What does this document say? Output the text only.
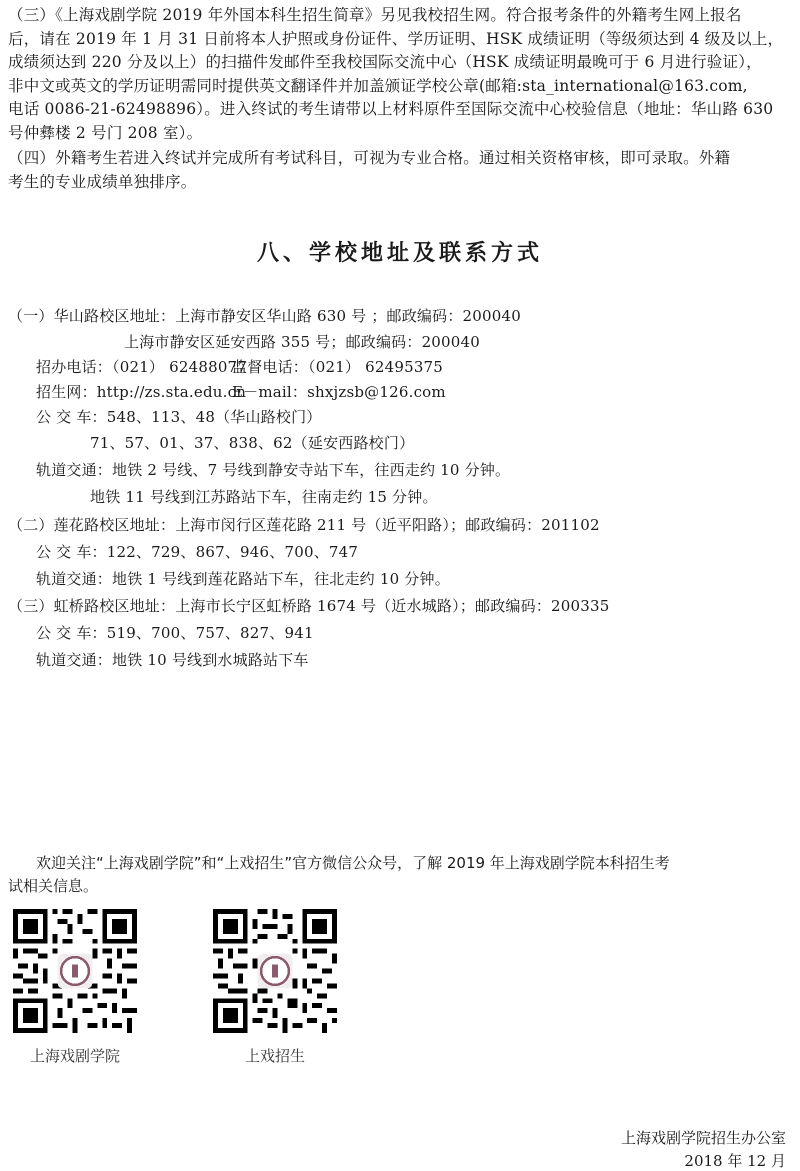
（三）《上海戏剧学院 2019 年外国本科生招生简章》另见我校招生网。符合报考条件的外籍考生网上报名
后，请在 2019 年 1 月 31 日前将本人护照或身份证件、学历证明、HSK 成绩证明（等级须达到 4 级及以上，
成绩须达到 220 分及以上）的扫描件发邮件至我校国际交流中心（HSK 成绩证明最晚可于 6 月进行验证），
非中文或英文的学历证明需同时提供英文翻译件并加盖颁证学校公章(邮箱:sta_international@163.com,
电话 0086-21-62498896）。进入终试的考生请带以上材料原件至国际交流中心校验信息（地址：华山路 630
号仲彝楼 2 号门 208 室）。
（四）外籍考生若进入终试并完成所有考试科目，可视为专业合格。通过相关资格审核，即可录取。外籍
考生的专业成绩单独排序。
八、学校地址及联系方式
（一）华山路校区地址：上海市静安区华山路 630 号 ；邮政编码：200040
上海市静安区延安西路 355 号；邮政编码：200040
招办电话：（021） 62488077
监督电话：（021） 62495375
招生网：http://zs.sta.edu.cn
E－mail：shxjzsb@126.com
公 交 车：548、113、48（华山路校门）
71、57、01、37、838、62（延安西路校门）
轨道交通：地铁 2 号线、7 号线到静安寺站下车，往西走约 10 分钟。
地铁 11 号线到江苏路站下车，往南走约 15 分钟。
（二）莲花路校区地址：上海市闵行区莲花路 211 号（近平阳路）；邮政编码：201102
公 交 车：122、729、867、946、700、747
轨道交通：地铁 1 号线到莲花路站下车，往北走约 10 分钟。
（三）虹桥路校区地址：上海市长宁区虹桥路 1674 号（近水城路）；邮政编码：200335
公 交 车：519、700、757、827、941
轨道交通：地铁 10 号线到水城路站下车
欢迎关注“上海戏剧学院”和“上戏招生”官方微信公众号，了解 2019 年上海戏剧学院本科招生考
试相关信息。
上海戏剧学院	上戏招生
上海戏剧学院招生办公室
2018 年 12 月
